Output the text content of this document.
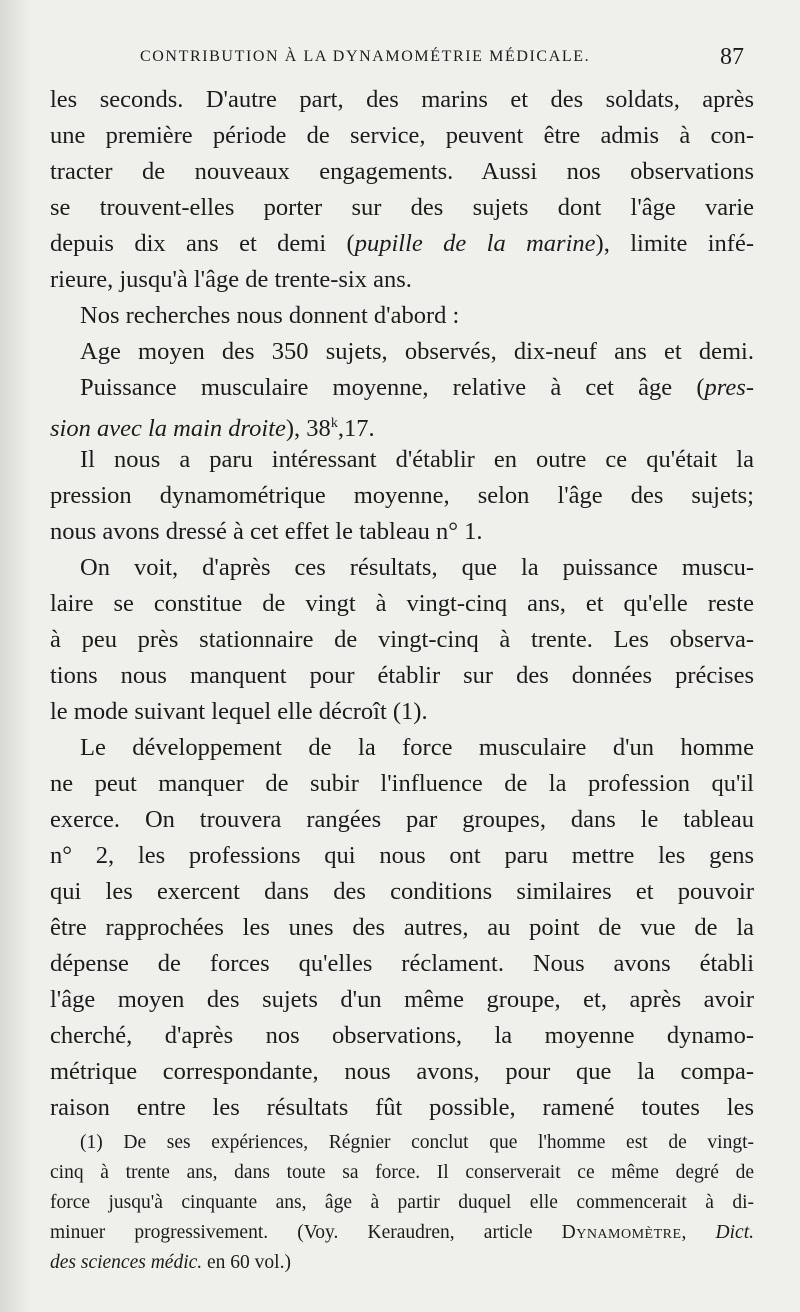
CONTRIBUTION À LA DYNAMOMÉTRIE MÉDICALE.	87
les seconds. D'autre part, des marins et des soldats, après
une première période de service, peuvent être admis à con-
tracter de nouveaux engagements. Aussi nos observations
se trouvent-elles porter sur des sujets dont l'âge varie
depuis dix ans et demi (pupille de la marine), limite infé-
rieure, jusqu'à l'âge de trente-six ans.
Nos recherches nous donnent d'abord :
Age moyen des 350 sujets, observés, dix-neuf ans et demi.
Puissance musculaire moyenne, relative à cet âge (pres-
sion avec la main droite), 38$^k$,17.
Il nous a paru intéressant d'établir en outre ce qu'était la
pression dynamométrique moyenne, selon l'âge des sujets;
nous avons dressé à cet effet le tableau n° 1.
On voit, d'après ces résultats, que la puissance muscu-
laire se constitue de vingt à vingt-cinq ans, et qu'elle reste
à peu près stationnaire de vingt-cinq à trente. Les observa-
tions nous manquent pour établir sur des données précises
le mode suivant lequel elle décroît (1).
Le développement de la force musculaire d'un homme
ne peut manquer de subir l'influence de la profession qu'il
exerce. On trouvera rangées par groupes, dans le tableau
n° 2, les professions qui nous ont paru mettre les gens
qui les exercent dans des conditions similaires et pouvoir
être rapprochées les unes des autres, au point de vue de la
dépense de forces qu'elles réclament. Nous avons établi
l'âge moyen des sujets d'un même groupe, et, après avoir
cherché, d'après nos observations, la moyenne dynamo-
métrique correspondante, nous avons, pour que la compa-
raison entre les résultats fût possible, ramené toutes les
(1) De ses expériences, Régnier conclut que l'homme est de vingt-
cinq à trente ans, dans toute sa force. Il conserverait ce même degré de
force jusqu'à cinquante ans, âge à partir duquel elle commencerait à di-
minuer progressivement. (Voy. Keraudren, article Dynamomètre, Dict.
des sciences médic. en 60 vol.)
